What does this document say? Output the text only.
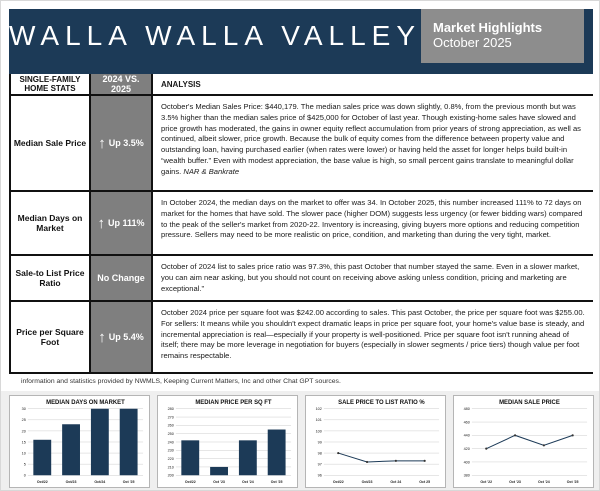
WALLA WALLA VALLEY Market Highlights
October 2025
SINGLE-FAMILY HOME STATS
2024 VS. 2025	ANALYSIS
Median Sale Price ↑ Up 3.5%
October's Median Sales Price: $440,179. The median sales price was down slightly, 0.8%, from the previous month but was 3.5% higher than the median sales price of $425,000 for October of last year. Though existing-home sales have slowed and price growth has moderated, the gains in owner equity reflect accumulation from prior years of strong appreciation, as well as continued, albeit slower, price growth. Because the bulk of equity comes from the difference between property value and outstanding loan, having purchased earlier (when rates were lower) or having held the asset for longer helps build built-in “wealth buffer.” Even with modest appreciation, the base value is high, so small percent gains translate to meaningful dollar gains. NAR & Bankrate
Median Days on Market	↑ Up 111%
In October 2024, the median days on the market to offer was 34. In October 2025, this number increased 111% to 72 days on market for the homes that have sold. The slower pace (higher DOM) suggests less urgency (or fewer bidding wars) compared to the peak of the seller's market from 2020-22. Inventory is increasing, giving buyers more options and reducing competition pressure. Sellers may need to be more realistic on price, condition, and marketing than during the very tight, market.
Sale-to List Price Ratio	No Change
October of 2024 list to sales price ratio was 97.3%, this past October that number stayed the same. Even in a slower market, you can aim near asking, but you should not count on receiving above asking unless condition, pricing and marketing are exceptional.”
Price per Square Foot	↑ Up 5.4%
October 2024 price per square foot was $242.00 according to sales. This past October, the price per square foot was $255.00. For sellers: It means while you shouldn't expect dramatic leaps in price per square foot, your home's value base is steady, and incremental appreciation is real—especially if your property is well-positioned. Price per square foot isn't running ahead of itself; there may be more leverage in negotiation for buyers (especially in slower segments / price tiers) though value per foot remains respectable.
information and statistics provided by NWMLS, Keeping Current Matters, Inc and other Chat GPT sources.
0
5
10
15
20
25
30
Oct/22	Oct/23	Oct/24	Oct '25
MEDIAN DAYS ON MARKET
200
210
220
230
240
250
260
270
280
Oct/22	Oct '23	Oct '24	Oct '25
MEDIAN PRICE PER SQ FT
96
97
98
99
100
101
102
Oct/22	Oct/23	Oct 24	Oct 25
SALE PRICE TO LIST RATIO %
380
400
420
440
460
480
Oct '22	Oct '23	Oct '24	Oct '25
MEDIAN SALE PRICE
